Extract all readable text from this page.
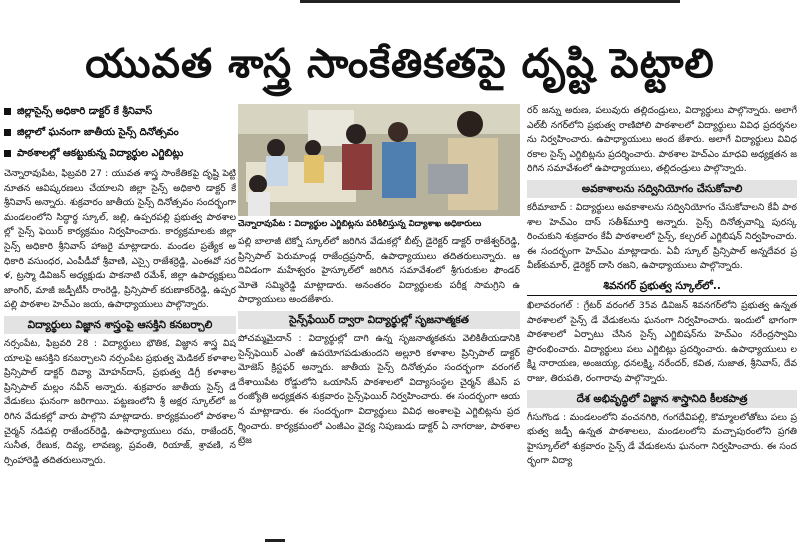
యువత శాస్త్ర సాంకేతికతపై దృష్టి పెట్టాలి
జిల్లాసైన్స్ అధికారి డాక్టర్ కే శ్రీనివాస్
జిల్లాలో ఘనంగా జాతీయ సైన్స్ దినోత్సవం
పాఠశాలల్లో ఆకట్టుకున్న విద్యార్థుల ఎగ్జిబిట్లు

చెన్నారావుపేట, ఫిబ్రవరి 27 : యువత శాస్త్ర సాంకేతికపై దృష్టి పెట్టి నూతన ఆవిష్కరణలు చేయాలని జిల్లా సైన్స్ అధికారి డాక్టర్ కే శ్రీనివాస్ అన్నారు. శుక్రవారం జాతీయ సైన్స్ దినోత్సవం సందర్భంగా మండలంలోని సిద్ధార్థ స్కూల్, జల్లి, ఉప్పరపల్లి ప్రభుత్వ పాఠశాలల్లో సైన్స్ ఫెయిర్ కార్యక్రమం నిర్వహించారు. కార్యక్రమాలకు జిల్లా సైన్స్ అధికారి శ్రీనివాస్ హాజరై మాట్లాడారు. మండల ప్రత్యేక అధికారి వసుంధర, ఎంపీడీవో శ్రీవాణి, ఎస్సై రాజేశర్రెడ్డి, ఎంఈవో సరళ, ట్రస్మా డివిజన్ అధ్యక్షుడు పాకనాటి రమేశ్, జిల్లా ఉపాధ్యక్షులు జాంగిర్, మాజీ జడ్పీటీసీ రాంరెడ్డి, ప్రిన్సిపాల్ కరుణాకర్‌రెడ్డి, ఉప్పరపల్లి పాఠశాల హెచ్ఎం జయ, ఉపాధ్యాయులు పాల్గొన్నారు.

విద్యార్థులు విజ్ఞాన శాస్త్రంపై ఆసక్తిని కనబర్చాలి

నర్సంపేట, ఫిబ్రవరి 28 : విద్యార్థులు భౌతిక, విజ్ఞాన శాస్త్ర విషయాలపై ఆసక్తిని కనబర్చాలని నర్సంపేట ప్రభుత్వ మెడికల్ కళాశాల ప్రిన్సిపాల్ డాక్టర్ దివ్యా మోహన్‌దాస్, ప్రభుత్వ డిగ్రీ కళాశాల ప్రిన్సిపాల్ మల్లం నవీన్ అన్నారు. శుక్రవారం జాతీయ సైన్స్ డే వేడుకలు ఘనంగా జరిగాయి. పట్టణంలోని శ్రీ అక్షర స్కూల్‌లో జరిగిన వేడుకల్లో వారు పాల్గొని మాట్లాడారు. కార్యక్రమంలో పాఠశాల చైర్మన్ నడిపల్లి రాజేందర్‌రెడ్డి, ఉపాధ్యాయులు రమ, రాజేందర్, సునీత, రేణుక, దివ్య, లావణ్య, ప్రవంతి, రియాజ్, శ్రావణి, నర్సింహారెడ్డి తదితరులున్నారు.

చెన్నారావుపేట : విద్యార్థుల ఎగ్జిబిట్లను పరిశీలిస్తున్న విద్యాశాఖ అధికారులు

పల్లి బాలాజీ టెక్నో స్కూల్‌లో జరిగిన వేడుకల్లో బీట్స్ డైరెక్టర్ డాక్టర్ రాజేశ్వర్‌రెడ్డి, ప్రిన్సిపాల్ పెరుమాండ్ల రాజేంద్రప్రసాద్, ఉపాధ్యాయులు తదితరులున్నారు. ఆదివిడంగా మహేశ్వరం హైస్కూల్‌లో జరిగిన సమావేశంలో శ్రీగురుకుల ఫౌండర్ మోతె సమ్మిరెడ్డి మాట్లాడారు. అనంతరం విద్యార్థులకు పరీక్ష సామగ్రిని ఉపాధ్యాయులు అందజేశారు.

సైన్స్‌ఫేయిర్ ద్వారా విద్యార్థుల్లో సృజనాత్మకత

పోచమ్మమైదాన్ : విద్యార్థుల్లో దాగి ఉన్న సృజనాత్మకతను వెలికితీయడానికి సైన్స్‌ఫెయిర్ ఎంతో ఉపయోగపడుతుందని అల్లూరి కళాశాల ప్రిన్సిపాల్ డాక్టర్ మోజెస్ క్రిస్టఫర్ అన్నారు. జాతీయ సైన్స్ దినోత్సవం సందర్భంగా వరంగల్ దేశాయిపేట రోడ్డులోని ఒయాసిస్ పాఠశాలలో విద్యాసంస్థల చైర్మన్ జేఎస్ పరంజ్యోతి అధ్యక్షతన శుక్రవారం సైన్స్‌ఫెయిర్ నిర్వహించారు. ఈ సందర్భంగా ఆయన మాట్లాడారు. ఈ సందర్భంగా విద్యార్థులు వివిధ అంశాలపై ఎగ్జిబిట్లను ప్రదర్శించారు. కార్యక్రమంలో ఎంజీఎం వైద్య నిపుణుడు డాక్టర్ ఏ నాగరాజు, పాఠశాల ట్రెజ

రర్ జన్ను అరుణ, పలువురు తల్లిదండ్రులు, విద్యార్థులు పాల్గొన్నారు. అలాగే ఎల్‌బీ నగర్‌లోని ప్రభుత్వ రాణిపోలి పాఠశాలలో విద్యార్థులు వివిధ ప్రదర్శనలను నిర్వహించారు. ఉపాధ్యాయులు అంద జేశారు. అలాగే విద్యార్థులు వివిధ రకాల సైన్స్ ఎగ్జిబిట్లను ప్రదర్శించారు. పాఠశాల హెచ్ఎం మాధవి అధ్యక్షతన జరిగిన సమావేశంలో ఉపాధ్యాయులు, తల్లిదండ్రులు పాల్గొన్నారు.

అవకాశాలను సద్వినియోగం చేసుకోవాలి

కరీమాబాద్ : విద్యార్థులు అవకాశాలను సద్వినియోగం చేసుకోవాలని కేవీ పాఠశాల హెచ్ఎం దాస్ సతీశ్‌మూర్తి అన్నారు. సైన్స్ దినోత్సవాన్ని పురస్కరించుకుని శుక్రవారం కేవీ పాఠశాలలో సైన్స్, కల్చరల్ ఎగ్జిబిషన్ నిర్వహించారు. ఈ సందర్భంగా హెచ్ఎం మాట్లాడారు. ఏవీ స్కూల్ ప్రిన్సిపాల్ అన్నదేవర ప్రవీణ్‌కుమార్, డైరెక్టర్ దాసి రజని, ఉపాధ్యాయులు పాల్గొన్నారు.

శివనగర్ ప్రభుత్వ స్కూల్‌లో..

ఖిలావరంగల్ : గ్రేటర్ వరంగల్ 35వ డివిజన్ శివనగర్‌లోని ప్రభుత్వ ఉన్నత పాఠశాలలో సైన్స్ డే వేడుకలను ఘనంగా నిర్వహించారు. ఇందులో భాగంగా పాఠశాలలో ఏర్పాటు చేసిన సైన్స్ ఎగ్జిబిషన్‌ను హెచ్ఎం నరేంద్రస్వామి ప్రారంభించారు. విద్యార్థులు పలు ఎగ్జిబిట్లు ప్రదర్శించారు. ఉపాధ్యాయులు లక్ష్మి నారాయణ, అంజయ్య, ధనలక్ష్మి, నరేందర్, కవిత, సుజాత, శ్రీనివాస్, దేవరాజు, తిరుపతి, రంగారావు పాల్గొన్నారు.

దేశ అభివృద్ధిలో విజ్ఞాన శాస్త్రానిది కీలకపాత్ర

గీసుగొండ : మండలంలోని వంచనగిరి, గంగదేవిపల్లి, కొమ్మాలలోతోటు పలు ప్రభుత్వ జడ్పీ ఉన్నత పాఠశాలలు, మండలంలోని మచ్చాపురంలోని ప్రగతి హైస్కూల్‌లో శుక్రవారం సైన్స్ డే వేడుకలను ఘనంగా నిర్వహించారు. ఈ సందర్భంగా విద్యా
